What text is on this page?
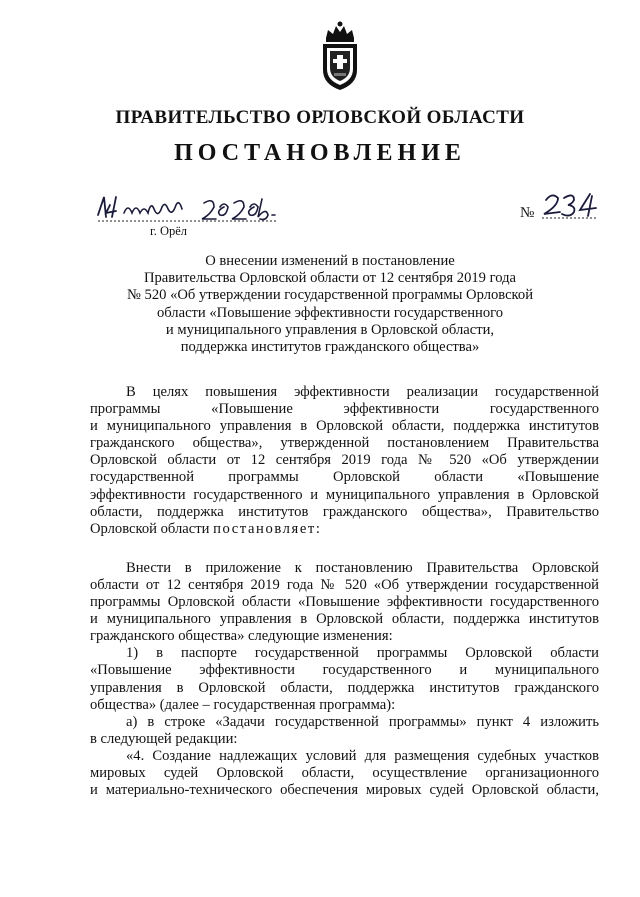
ПРАВИТЕЛЬСТВО ОРЛОВСКОЙ ОБЛАСТИ
ПОСТАНОВЛЕНИЕ
№
г. Орёл
О внесении изменений в постановление
Правительства Орловской области от 12 сентября 2019 года
№ 520 «Об утверждении государственной программы Орловской
области «Повышение эффективности государственного
и муниципального управления в Орловской области,
поддержка институтов гражданского общества»
В целях повышения эффективности реализации государственной
программы «Повышение эффективности государственного
и муниципального управления в Орловской области, поддержка институтов
гражданского общества», утвержденной постановлением Правительства
Орловской области от 12 сентября 2019 года № 520 «Об утверждении
государственной программы Орловской области «Повышение
эффективности государственного и муниципального управления в Орловской
области, поддержка институтов гражданского общества», Правительство
Орловской области постановляет:
Внести в приложение к постановлению Правительства Орловской
области от 12 сентября 2019 года № 520 «Об утверждении государственной
программы Орловской области «Повышение эффективности государственного
и муниципального управления в Орловской области, поддержка институтов
гражданского общества» следующие изменения:
1) в паспорте государственной программы Орловской области
«Повышение эффективности государственного и муниципального
управления в Орловской области, поддержка институтов гражданского
общества» (далее – государственная программа):
а) в строке «Задачи государственной программы» пункт 4 изложить
в следующей редакции:
«4. Создание надлежащих условий для размещения судебных участков
мировых судей Орловской области, осуществление организационного
и материально-технического обеспечения мировых судей Орловской области,
